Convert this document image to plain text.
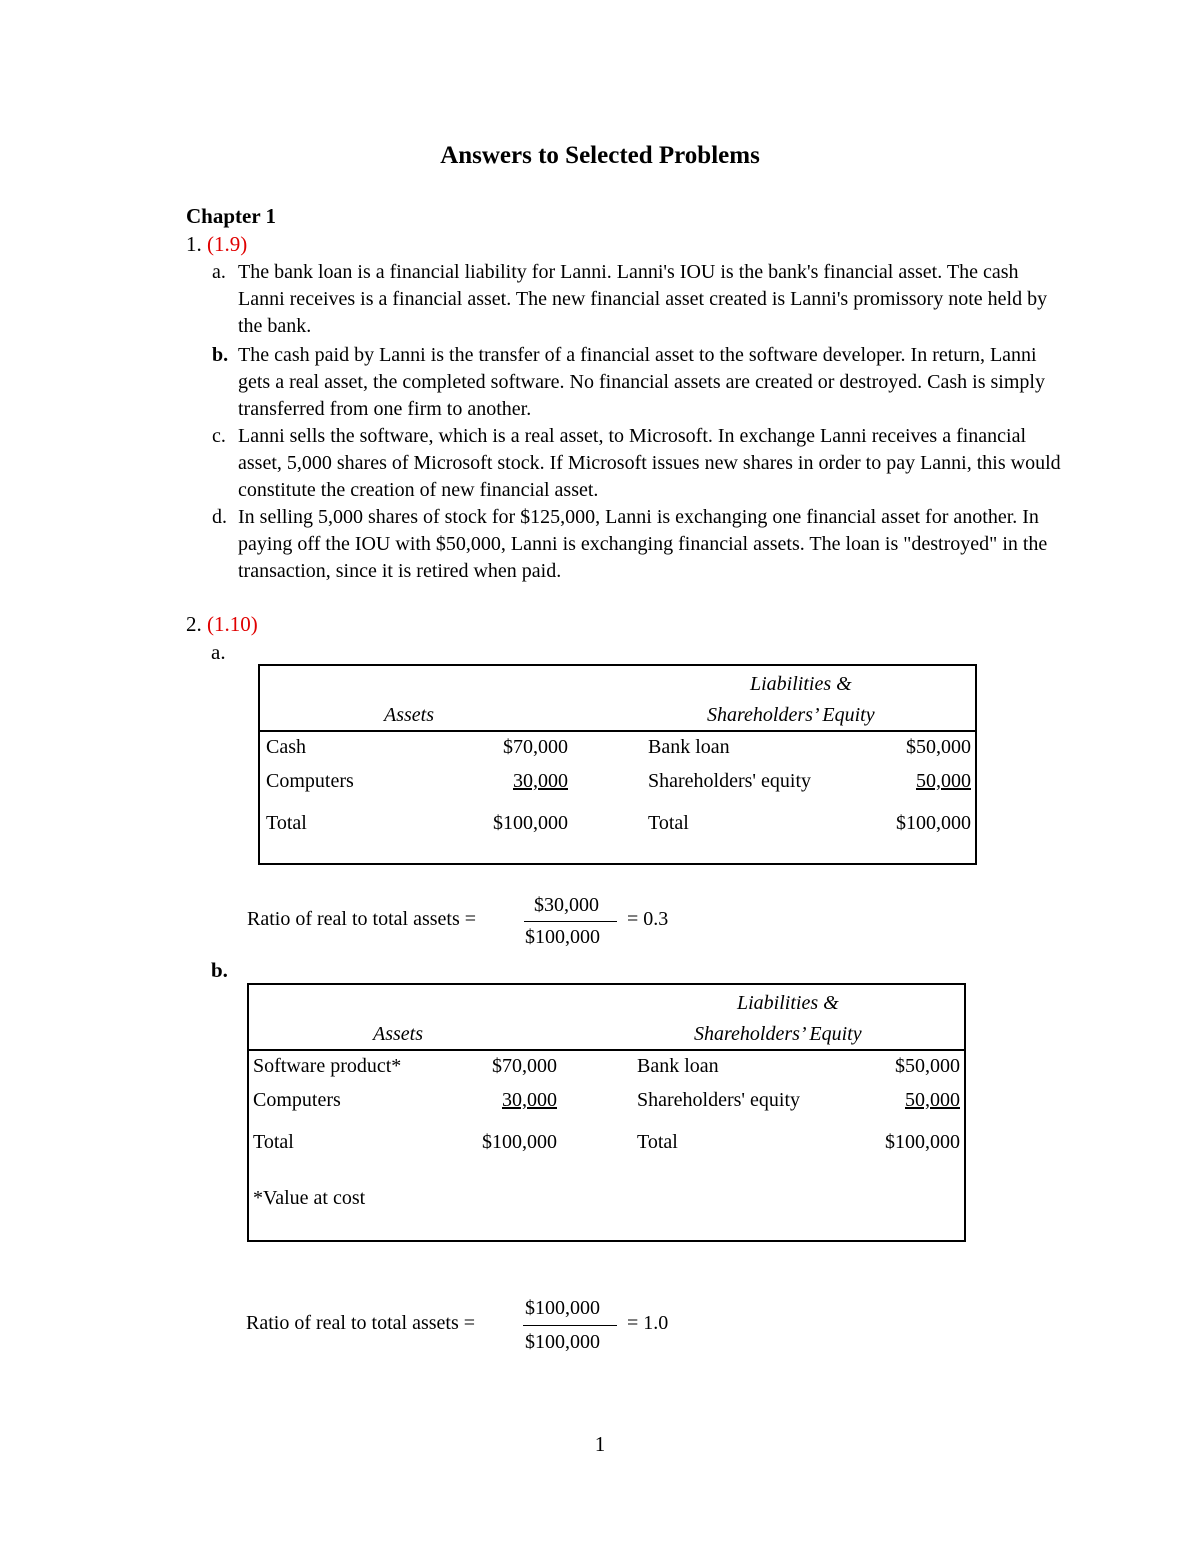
Answers to Selected Problems
Chapter 1
1. (1.9)
a. The bank loan is a financial liability for Lanni. Lanni's IOU is the bank's financial asset. The cash Lanni receives is a financial asset. The new financial asset created is Lanni's promissory note held by the bank.
b. The cash paid by Lanni is the transfer of a financial asset to the software developer. In return, Lanni gets a real asset, the completed software. No financial assets are created or destroyed. Cash is simply transferred from one firm to another.
c. Lanni sells the software, which is a real asset, to Microsoft. In exchange Lanni receives a financial asset, 5,000 shares of Microsoft stock. If Microsoft issues new shares in order to pay Lanni, this would constitute the creation of new financial asset.
d. In selling 5,000 shares of stock for $125,000, Lanni is exchanging one financial asset for another. In paying off the IOU with $50,000, Lanni is exchanging financial assets. The loan is "destroyed" in the transaction, since it is retired when paid.
2. (1.10)
a.
Assets
Liabilities &
Shareholders’ Equity
Cash	$70,000	Bank loan	$50,000
Computers	30,000	Shareholders' equity	50,000
Total	$100,000	Total	$100,000
Ratio of real to total assets =
$30,000
$100,000
= 0.3
b.
Assets
Liabilities &
Shareholders’ Equity
Software product*	$70,000	Bank loan	$50,000
Computers	30,000	Shareholders' equity	50,000
Total	$100,000	Total	$100,000
*Value at cost
Ratio of real to total assets =
$100,000
$100,000
= 1.0
1
